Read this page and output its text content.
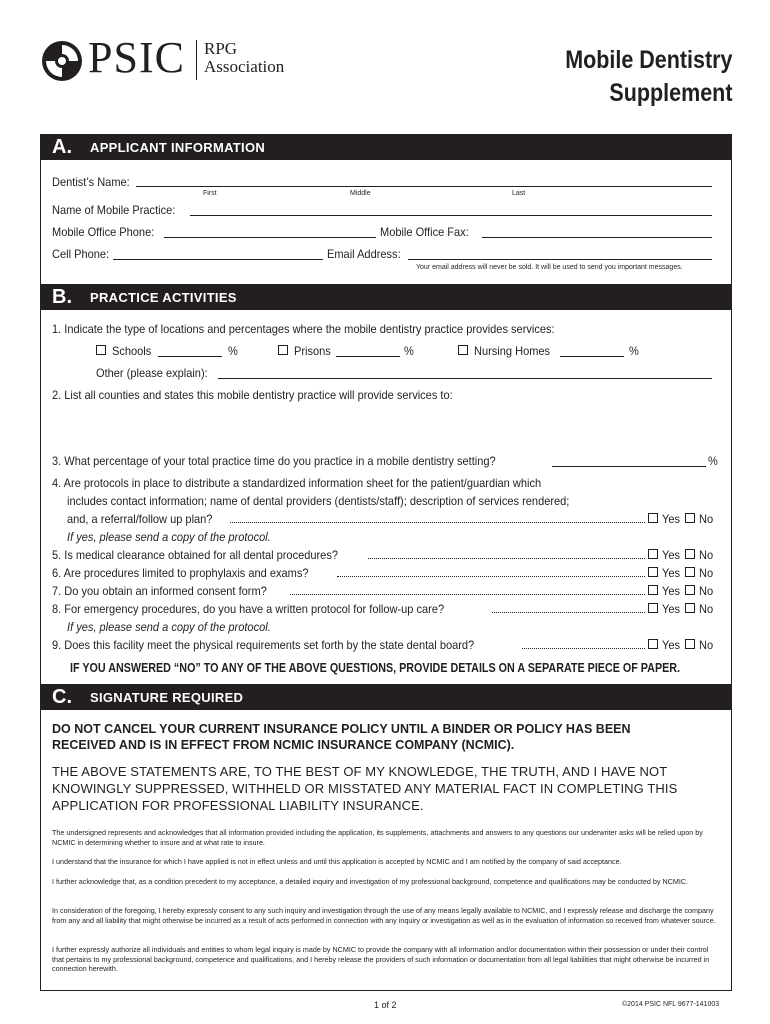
PSIC RPG
Association	Mobile Dentistry
Supplement
A. APPLICANT INFORMATION
Dentist’s Name:
First	Middle	Last
Name of Mobile Practice:
Mobile Office Phone:	Mobile Office Fax:
Cell Phone:	Email Address:
Your email address will never be sold. It will be used to send you important messages.
B. PRACTICE ACTIVITIES
1. Indicate the type of locations and percentages where the mobile dentistry practice provides services:
Schools	%	Prisons	%	Nursing Homes	%
Other (please explain):
2. List all counties and states this mobile dentistry practice will provide services to:
3. What percentage of your total practice time do you practice in a mobile dentistry setting?	%
4. Are protocols in place to distribute a standardized information sheet for the patient/guardian which
includes contact information; name of dental providers (dentists/staff); description of services rendered;
and, a referral/follow up plan?	Yes No
If yes, please send a copy of the protocol.
5. Is medical clearance obtained for all dental procedures?	Yes No
6. Are procedures limited to prophylaxis and exams?	Yes No
7. Do you obtain an informed consent form?	Yes No
8. For emergency procedures, do you have a written protocol for follow-up care?	Yes No
If yes, please send a copy of the protocol.
9. Does this facility meet the physical requirements set forth by the state dental board?	Yes No
IF YOU ANSWERED “NO” TO ANY OF THE ABOVE QUESTIONS, PROVIDE DETAILS ON A SEPARATE PIECE OF PAPER.
C. SIGNATURE REQUIRED
DO NOT CANCEL YOUR CURRENT INSURANCE POLICY UNTIL A BINDER OR POLICY HAS BEEN RECEIVED AND IS IN EFFECT FROM NCMIC INSURANCE COMPANY (NCMIC).
THE ABOVE STATEMENTS ARE, TO THE BEST OF MY KNOWLEDGE, THE TRUTH, AND I HAVE NOT KNOWINGLY SUPPRESSED, WITHHELD OR MISSTATED ANY MATERIAL FACT IN COMPLETING THIS APPLICATION FOR PROFESSIONAL LIABILITY INSURANCE.
The undersigned represents and acknowledges that all information provided including the application, its supplements, attachments and answers to any questions our underwriter asks will be relied upon by NCMIC in determining whether to insure and at what rate to insure.
I understand that the insurance for which I have applied is not in effect unless and until this application is accepted by NCMIC and I am notified by the company of said acceptance.
I further acknowledge that, as a condition precedent to my acceptance, a detailed inquiry and investigation of my professional background, competence and qualifications may be conducted by NCMIC.
In consideration of the foregoing, I hereby expressly consent to any such inquiry and investigation through the use of any means legally available to NCMIC, and I expressly release and discharge the company from any and all liability that might otherwise be incurred as a result of acts performed in connection with any inquiry or investigation as well as in the evaluation of information so received from whatever source.
I further expressly authorize all individuals and entities to whom legal inquiry is made by NCMIC to provide the company with all information and/or documentation within their possession or under their control that pertains to my professional background, competence and qualifications, and I hereby release the providers of such information or documentation from all legal liabilities that might otherwise be incurred in connection herewith.
1 of 2	©2014 PSIC NFL 9677-141003
